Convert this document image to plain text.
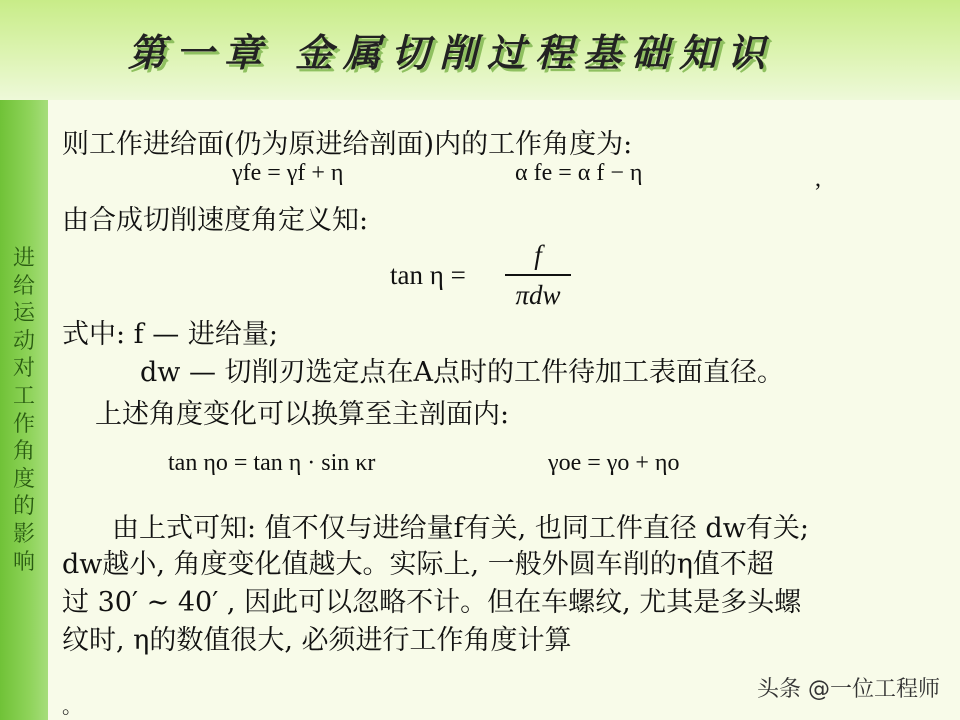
第一章 金属切削过程基础知识
进
给
运
动
对
工
作
角
度
的
影
响
则工作进给面(仍为原进给剖面)内的工作角度为:
γfe = γf + η	α fe = α f − η	,
由合成切削速度角定义知:
tan η =
f
πdw
式中: f — 进给量;
dw — 切削刃选定点在A点时的工件待加工表面直径。
上述角度变化可以换算至主剖面内:
tan ηo = tan η · sin κr	γoe = γo + ηo
由上式可知: 值不仅与进给量f有关, 也同工件直径 dw有关;
dw越小, 角度变化值越大。实际上, 一般外圆车削的η值不超
过 30′ ~ 40′ , 因此可以忽略不计。但在车螺纹, 尤其是多头螺
纹时, η的数值很大, 必须进行工作角度计算
。
头条 @一位工程师
